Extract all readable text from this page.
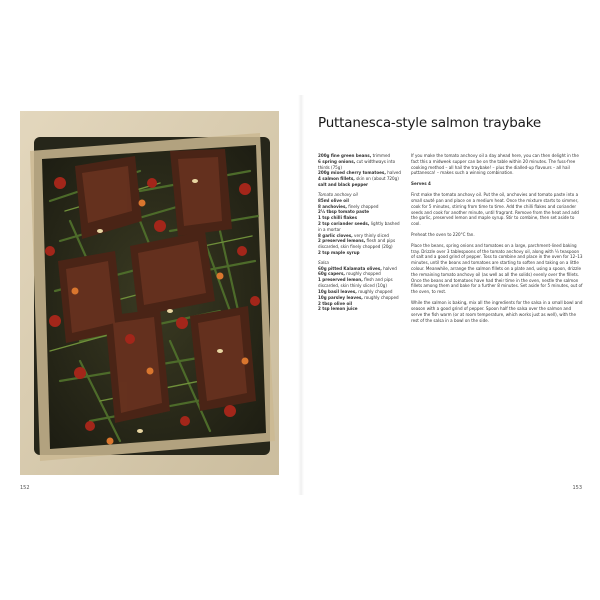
152
Puttanesca-style salmon traybake
200g fine green beans, trimmed
6 spring onions, cut widthways into thirds (75g)
200g mixed cherry tomatoes, halved
4 salmon fillets, skin on (about 720g)
salt and black pepper
Tomato anchovy oil
85ml olive oil
8 anchovies, finely chopped
2½ tbsp tomato paste
1 tsp chilli flakes
2 tsp coriander seeds, lightly bashed in a mortar
8 garlic cloves, very thinly sliced
2 preserved lemons, flesh and pips discarded, skin finely chopped (20g)
2 tsp maple syrup
Salsa
60g pitted Kalamata olives, halved
60g capers, roughly chopped
1 preserved lemon, flesh and pips discarded, skin thinly sliced (10g)
10g basil leaves, roughly chopped
10g parsley leaves, roughly chopped
2 tbsp olive oil
2 tsp lemon juice

If you make the tomato anchovy oil a day ahead here, you can then delight in the fact this a midweek supper can be on the table within 20 minutes. The fuss-free cooking method – all hail the traybake! – plus the dialled-up flavours – all hail puttanesca! – makes such a winning combination.

Serves 4

First make the tomato anchovy oil. Put the oil, anchovies and tomato paste into a small sauté pan and place on a medium heat. Once the mixture starts to simmer, cook for 5 minutes, stirring from time to time. Add the chilli flakes and coriander seeds and cook for another minute, until fragrant. Remove from the heat and add the garlic, preserved lemon and maple syrup. Stir to combine, then set aside to cool.

Preheat the oven to 220°C fan.

Place the beans, spring onions and tomatoes on a large, parchment-lined baking tray. Drizzle over 3 tablespoons of the tomato anchovy oil, along with ¼ teaspoon of salt and a good grind of pepper. Toss to combine and place in the oven for 12–13 minutes, until the beans and tomatoes are starting to soften and taking on a little colour. Meanwhile, arrange the salmon fillets on a plate and, using a spoon, drizzle the remaining tomato anchovy oil (as well as all the solids) evenly over the fillets. Once the beans and tomatoes have had their time in the oven, nestle the salmon fillets among them and bake for a further 8 minutes. Set aside for 5 minutes, out of the oven, to rest.

While the salmon is baking, mix all the ingredients for the salsa in a small bowl and season with a good grind of pepper. Spoon half the salsa over the salmon and serve the fish warm (or at room temperature, which works just as well), with the rest of the salsa in a bowl on the side.

153
